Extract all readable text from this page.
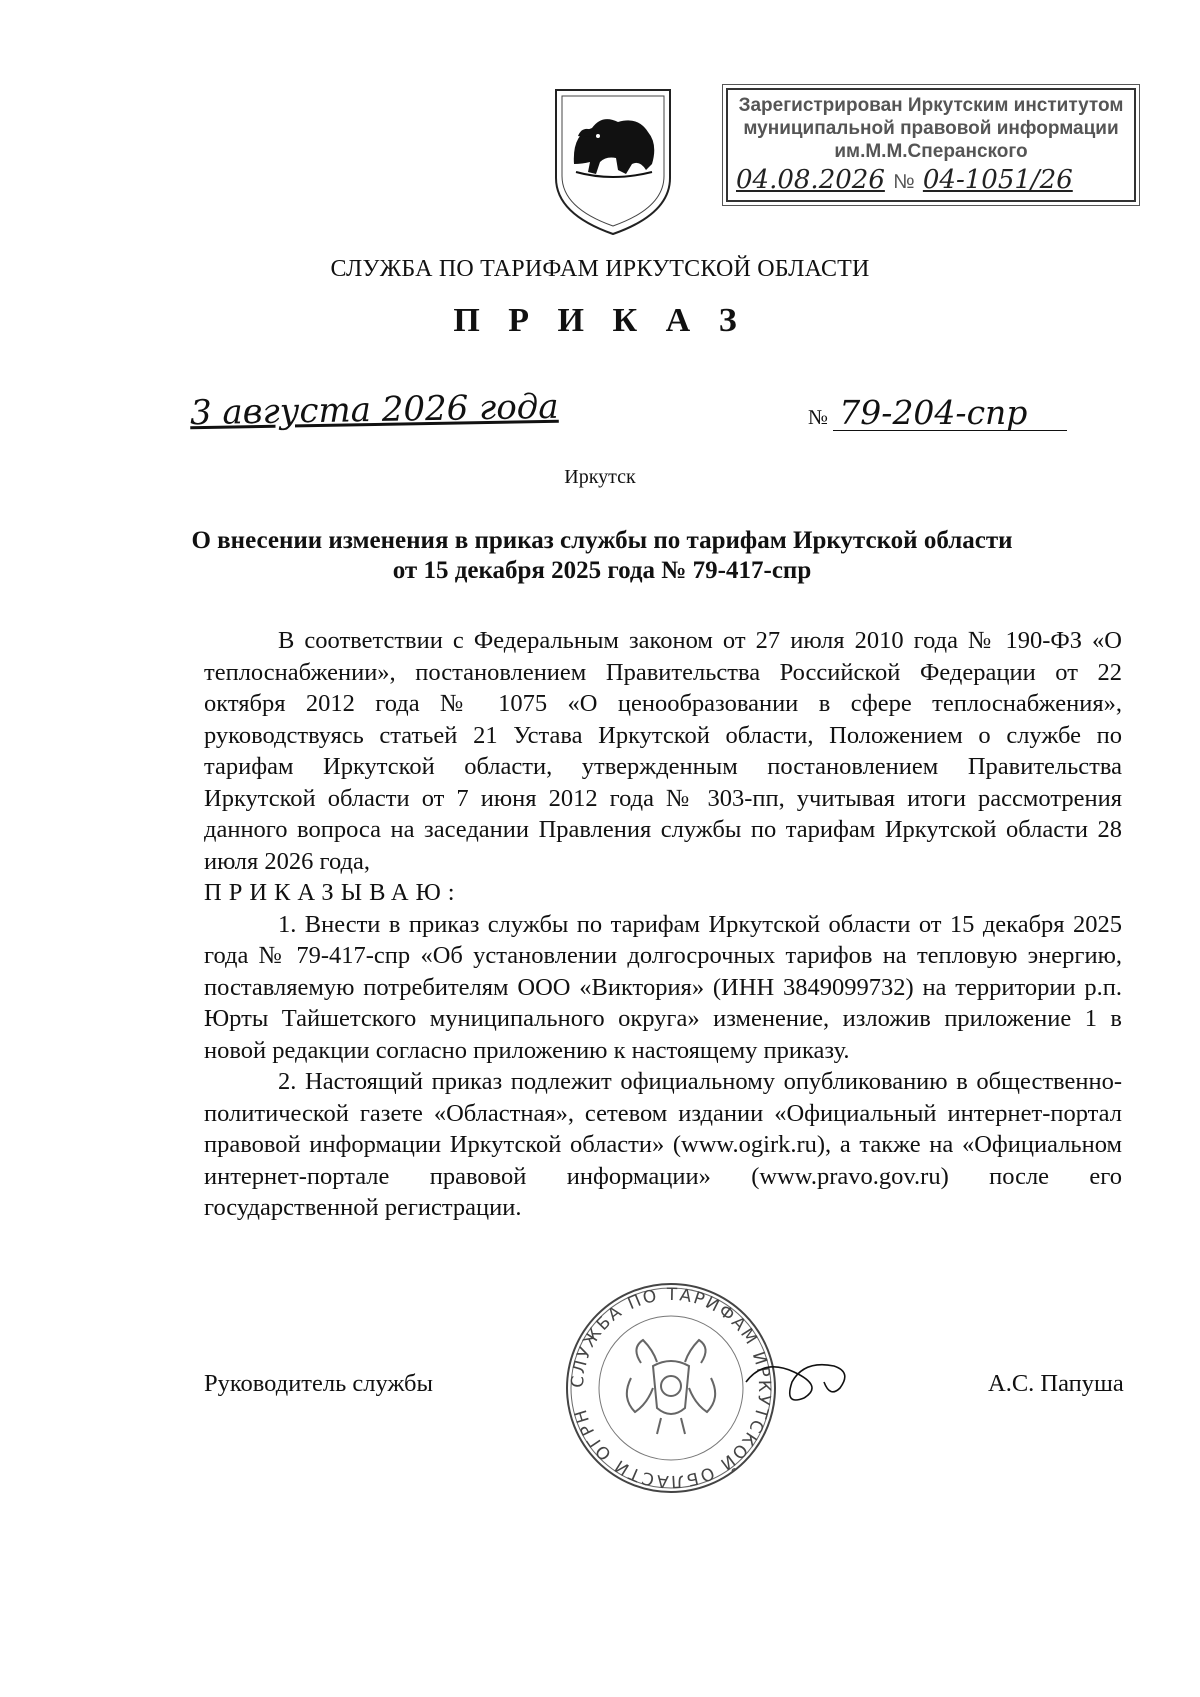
Зарегистрирован Иркутским институтом
муниципальной правовой информации
им.М.М.Сперанского
04.08.2026 № 04-1051/26
СЛУЖБА ПО ТАРИФАМ ИРКУТСКОЙ ОБЛАСТИ
П Р И К А З
3 августа 2026 года	№ 79-204-спр
Иркутск
О внесении изменения в приказ службы по тарифам Иркутской области
от 15 декабря 2025 года № 79-417-спр

В соответствии с Федеральным законом от 27 июля 2010 года № 190-ФЗ «О теплоснабжении», постановлением Правительства Российской Федерации от 22 октября 2012 года № 1075 «О ценообразовании в сфере теплоснабжения», руководствуясь статьей 21 Устава Иркутской области, Положением о службе по тарифам Иркутской области, утвержденным постановлением Правительства Иркутской области от 7 июня 2012 года № 303-пп, учитывая итоги рассмотрения данного вопроса на заседании Правления службы по тарифам Иркутской области 28 июля 2026 года,

ПРИКАЗЫВАЮ:

1. Внести в приказ службы по тарифам Иркутской области от 15 декабря 2025 года № 79-417-спр «Об установлении долгосрочных тарифов на тепловую энергию, поставляемую потребителям ООО «Виктория» (ИНН 3849099732) на территории р.п. Юрты Тайшетского муниципального округа» изменение, изложив приложение 1 в новой редакции согласно приложению к настоящему приказу.

2. Настоящий приказ подлежит официальному опубликованию в общественно-политической газете «Областная», сетевом издании «Официальный интернет-портал правовой информации Иркутской области» (www.ogirk.ru), а также на «Официальном интернет-портале правовой информации» (www.pravo.gov.ru) после его государственной регистрации.

Руководитель службы	А.С. Папуша
СЛУЖБА ПО ТАРИФАМ ИРКУТСКОЙ ОБЛАСТИ ОГРН
